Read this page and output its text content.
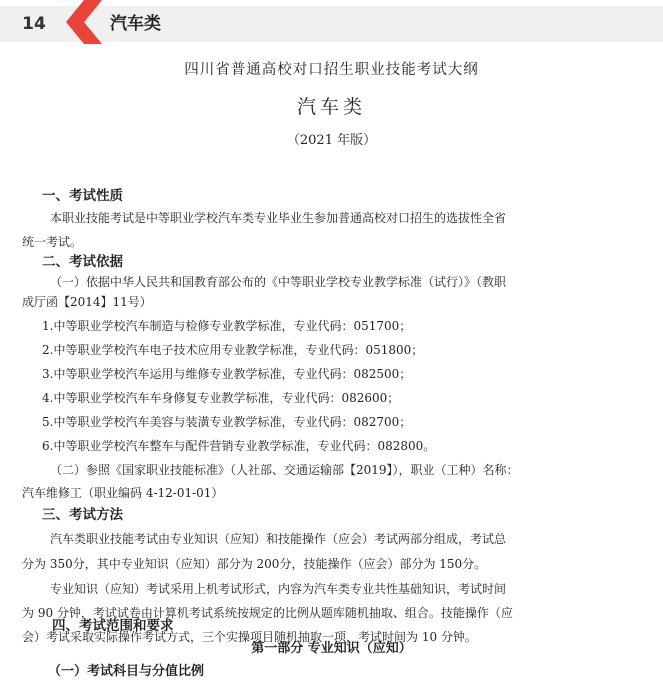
14	汽车类
四川省普通高校对口招生职业技能考试大纲
汽车类
（2021 年版）
一、考试性质
本职业技能考试是中等职业学校汽车类专业毕业生参加普通高校对口招生的选拔性全省
统一考试。
二、考试依据
（一）依据中华人民共和国教育部公布的《中等职业学校专业教学标准（试行）》（教职
成厅函【2014】11号）
1.中等职业学校汽车制造与检修专业教学标准，专业代码：051700；
2.中等职业学校汽车电子技术应用专业教学标准，专业代码：051800；
3.中等职业学校汽车运用与维修专业教学标准，专业代码：082500；
4.中等职业学校汽车车身修复专业教学标准，专业代码：082600；
5.中等职业学校汽车美容与装潢专业教学标准，专业代码：082700；
6.中等职业学校汽车整车与配件营销专业教学标准，专业代码：082800。
（二）参照《国家职业技能标准》（人社部、交通运输部【2019】），职业（工种）名称：
汽车维修工（职业编码 4-12-01-01）
三、考试方法
汽车类职业技能考试由专业知识（应知）和技能操作（应会）考试两部分组成，考试总
分为 350分，其中专业知识（应知）部分为 200分，技能操作（应会）部分为 150分。
专业知识（应知）考试采用上机考试形式，内容为汽车类专业共性基础知识，考试时间
为 90 分钟，考试试卷由计算机考试系统按规定的比例从题库随机抽取、组合。技能操作（应
会）考试采取实际操作考试方式，三个实操项目随机抽取一项，考试时间为 10 分钟。
四、考试范围和要求
第一部分 专业知识（应知）
（一）考试科目与分值比例
